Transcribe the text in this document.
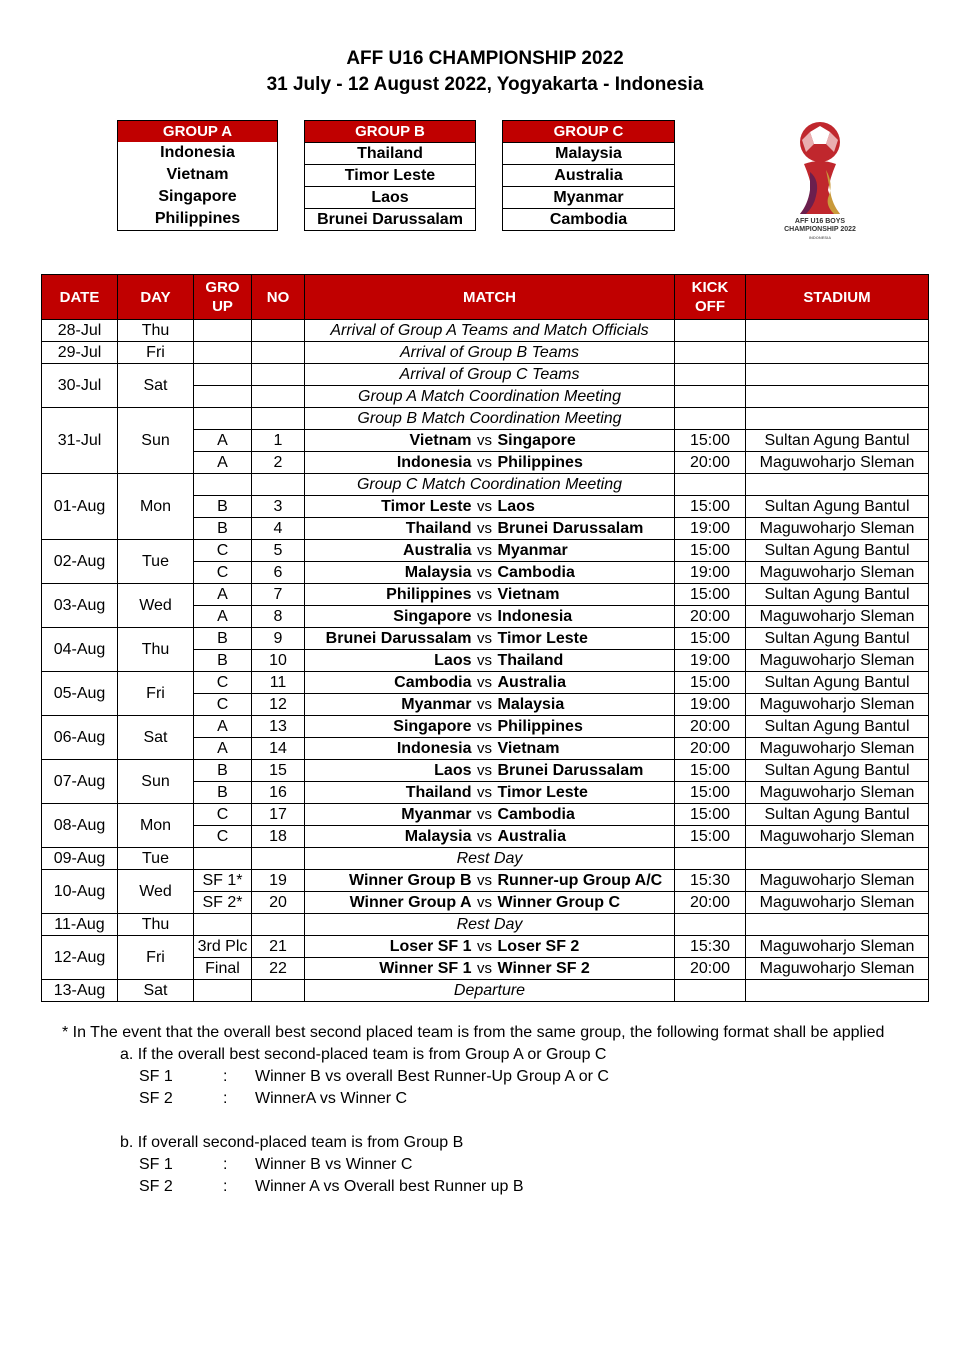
AFF U16 CHAMPIONSHIP 2022
31 July - 12 August 2022, Yogyakarta - Indonesia
GROUP A
Indonesia
Vietnam
Singapore
Philippines
GROUP B
Thailand
Timor Leste
Laos
Brunei Darussalam
GROUP C
Malaysia
Australia
Myanmar
Cambodia	AFF U16 BOYS
CHAMPIONSHIP 2022
INDONESIA
DATE	DAY	GRO UP	NO	MATCH	KICK OFF	STADIUM
28-Jul	Thu			Arrival of Group A Teams and Match Officials		
29-Jul	Fri			Arrival of Group B Teams		
30-Jul	Sat			Arrival of Group C Teams		
				Group A Match Coordination Meeting		
31-Jul	Sun			Group B Match Coordination Meeting		
		A	1	Vietnam vs Singapore	15:00	Sultan Agung Bantul
		A	2	Indonesia vs Philippines	20:00	Maguwoharjo Sleman
01-Aug	Mon			Group C Match Coordination Meeting		
		B	3	Timor Leste vs Laos	15:00	Sultan Agung Bantul
		B	4	Thailand vs Brunei Darussalam	19:00	Maguwoharjo Sleman
02-Aug	Tue	C	5	Australia vs Myanmar	15:00	Sultan Agung Bantul
		C	6	Malaysia vs Cambodia	19:00	Maguwoharjo Sleman
03-Aug	Wed	A	7	Philippines vs Vietnam	15:00	Sultan Agung Bantul
		A	8	Singapore vs Indonesia	20:00	Maguwoharjo Sleman
04-Aug	Thu	B	9	Brunei Darussalam vs Timor Leste	15:00	Sultan Agung Bantul
		B	10	Laos vs Thailand	19:00	Maguwoharjo Sleman
05-Aug	Fri	C	11	Cambodia vs Australia	15:00	Sultan Agung Bantul
		C	12	Myanmar vs Malaysia	19:00	Maguwoharjo Sleman
06-Aug	Sat	A	13	Singapore vs Philippines	20:00	Sultan Agung Bantul
		A	14	Indonesia vs Vietnam	20:00	Maguwoharjo Sleman
07-Aug	Sun	B	15	Laos vs Brunei Darussalam	15:00	Sultan Agung Bantul
		B	16	Thailand vs Timor Leste	15:00	Maguwoharjo Sleman
08-Aug	Mon	C	17	Myanmar vs Cambodia	15:00	Sultan Agung Bantul
		C	18	Malaysia vs Australia	15:00	Maguwoharjo Sleman
09-Aug	Tue			Rest Day		
10-Aug	Wed	SF 1*	19	Winner Group B vs Runner-up Group A/C	15:30	Maguwoharjo Sleman
		SF 2*	20	Winner Group A vs Winner Group C	20:00	Maguwoharjo Sleman
11-Aug	Thu			Rest Day		
12-Aug	Fri	3rd Plc	21	Loser SF 1 vs Loser SF 2	15:30	Maguwoharjo Sleman
		Final	22	Winner SF 1 vs Winner SF 2	20:00	Maguwoharjo Sleman
13-Aug	Sat			Departure		
* In The event that the overall best second placed team is from the same group, the following format shall be applied
a. If the overall best second-placed team is from Group A or Group C
SF 1	: Winner B vs overall Best Runner-Up Group A or C
SF 2	: WinnerA vs Winner C
b. If overall second-placed team is from Group B
SF 1	: Winner B vs Winner C
SF 2	: Winner A vs Overall best Runner up B
